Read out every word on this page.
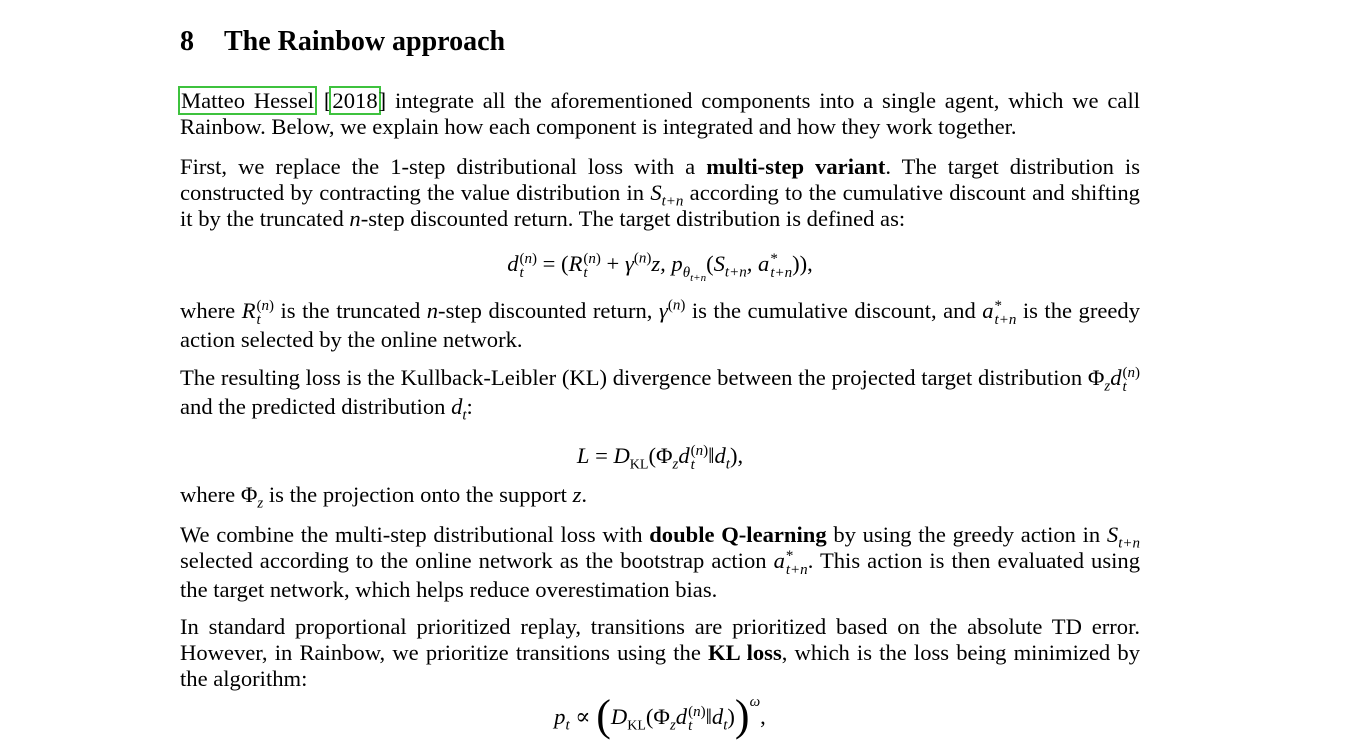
8 The Rainbow approach

Matteo Hessel [2018] integrate all the aforementioned components into a single agent, which we call Rainbow. Below, we explain how each component is integrated and how they work together.

First, we replace the 1-step distributional loss with a multi-step variant. The target distribution is constructed by contracting the value distribution in $S_{t+n}$ according to the cumulative discount and shifting it by the truncated n-step discounted return. The target distribution is defined as:

d (n)
t = (R (n)
$t + \gamma^{(n)}z$, $p_{\theta_{t+n}}(S_{t+n}$, a *
t+n )),

where R (n)
t is the truncated n-step discounted return, $\gamma^{(n)}$ is the cumulative discount, and a *
t+n is the greedy action selected by the online network.

The resulting loss is the Kullback-Leibler (KL) divergence between the projected target distribution $\Phi_zd$ (n)
t
and the predicted distribution $d_t$:

$L = D_{KL}(\Phi_zd$ (n)
t $‖d_t$),

where $\Phi_z$ is the projection onto the support z.

We combine the multi-step distributional loss with double Q-learning by using the greedy action in $S_{t+n}$ selected according to the online network as the bootstrap action a *
t+n . This action is then evaluated using the target network, which helps reduce overestimation bias.

In standard proportional prioritized replay, transitions are prioritized based on the absolute TD error. However, in Rainbow, we prioritize transitions using the KL loss, which is the loss being minimized by the algorithm:

$p_t \propto (D_{KL}(\Phi_zd$ (n)
t $‖d_t))^\omega$,
